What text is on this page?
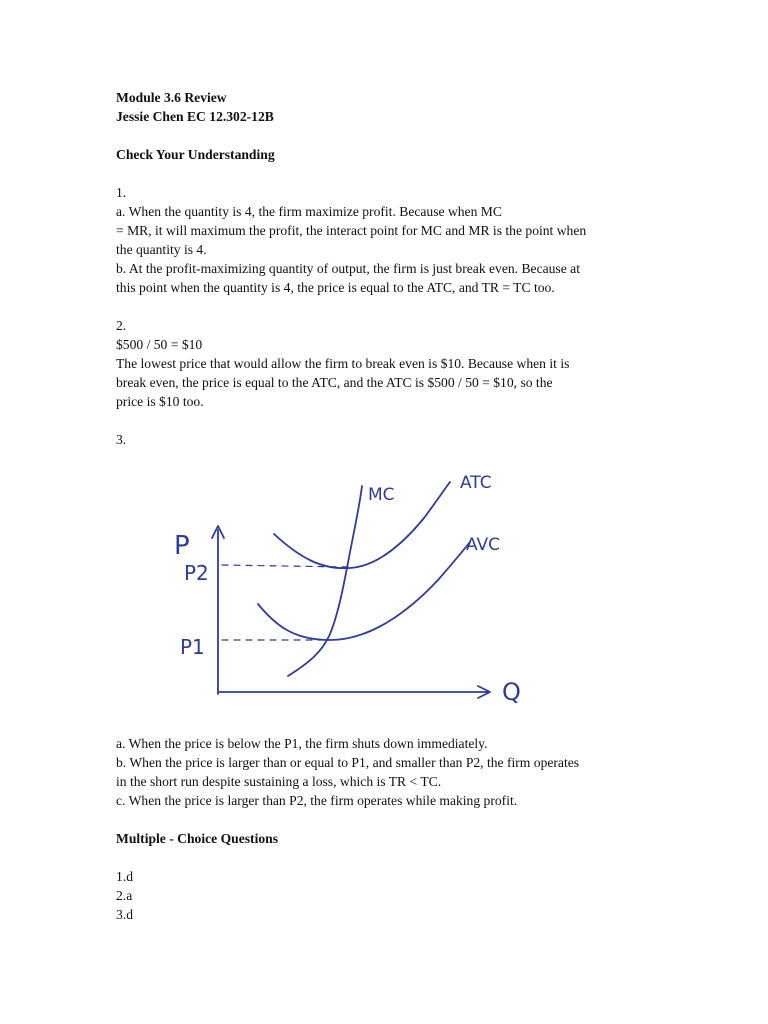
Module 3.6 Review
Jessie Chen EC 12.302-12B
Check Your Understanding
1.
a. When the quantity is 4, the firm maximize profit. Because when MC
= MR, it will maximum the profit, the interact point for MC and MR is the point when
the quantity is 4.
b. At the profit-maximizing quantity of output, the firm is just break even. Because at
this point when the quantity is 4, the price is equal to the ATC, and TR = TC too.
2.
$500 / 50 = $10
The lowest price that would allow the firm to break even is $10. Because when it is
break even, the price is equal to the ATC, and the ATC is $500 / 50 = $10, so the
price is $10 too.
3.
MC
ATC
AVC
P
P2
P1
Q
a. When the price is below the P1, the firm shuts down immediately.
b. When the price is larger than or equal to P1, and smaller than P2, the firm operates
in the short run despite sustaining a loss, which is TR < TC.
c. When the price is larger than P2, the firm operates while making profit.
Multiple - Choice Questions
1.d
2.a
3.d
